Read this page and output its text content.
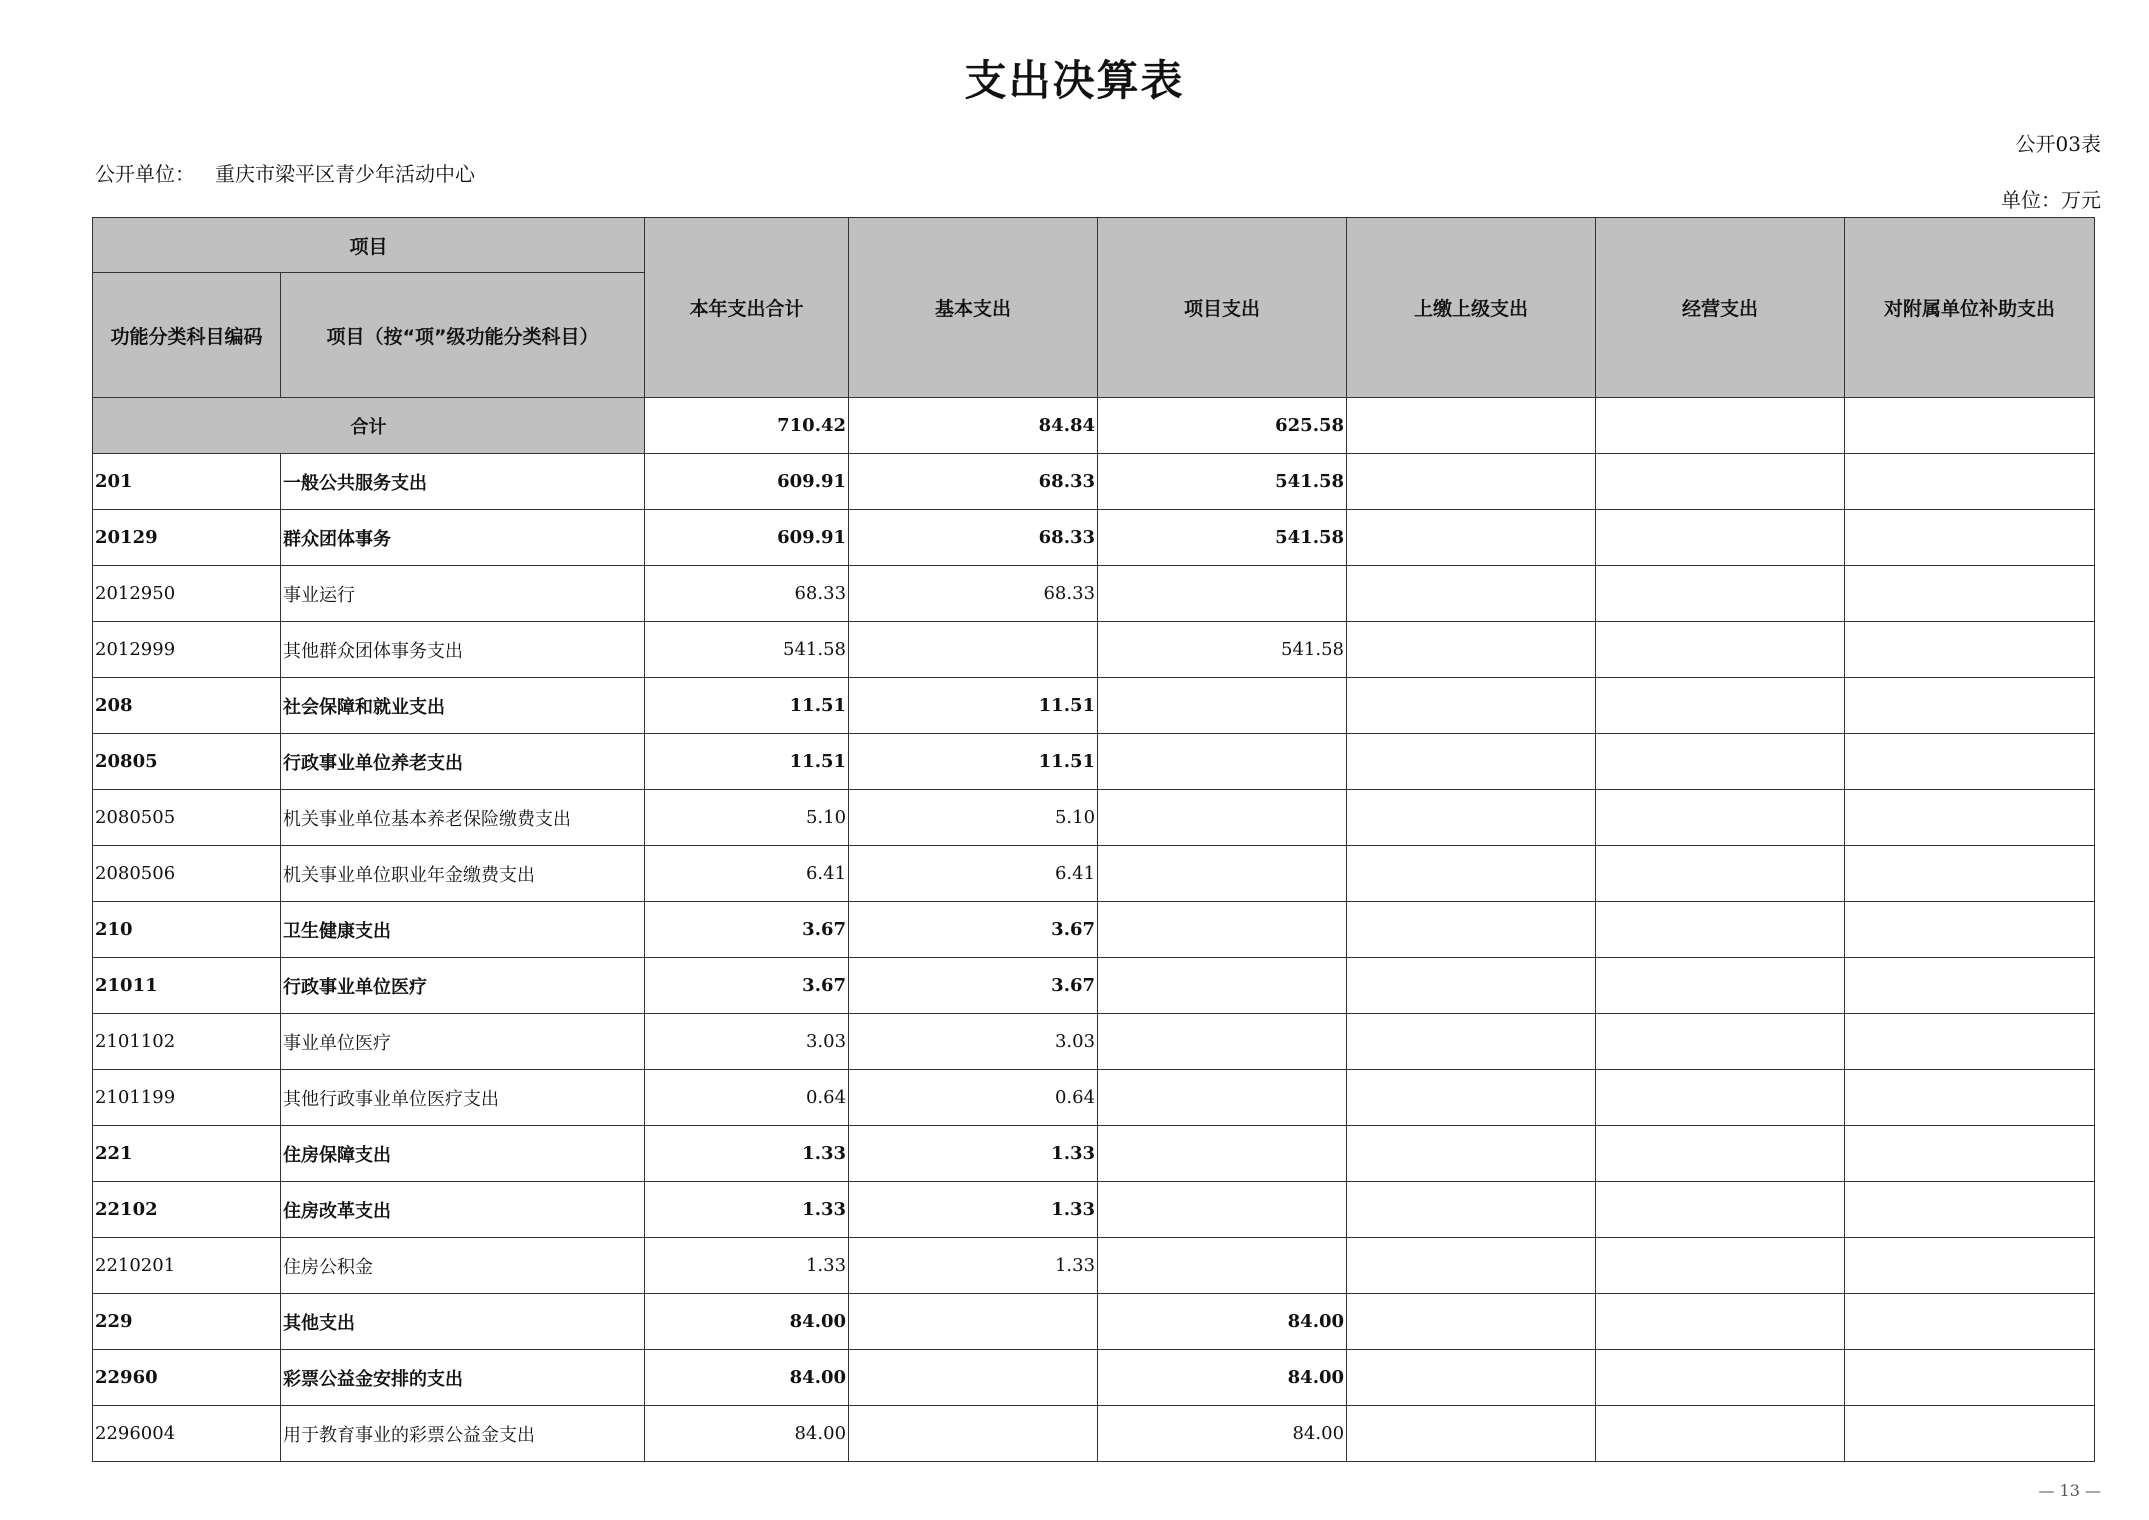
支出决算表
公开03表
公开单位： 重庆市梁平区青少年活动中心
单位：万元
项目		本年支出合计	基本支出	项目支出	上缴上级支出	经营支出	对附属单位补助支出
功能分类科目编码	项目（按“项”级功能分类科目）						
合计		710.42	84.84	625.58			
201	一般公共服务支出	609.91	68.33	541.58			
20129	群众团体事务	609.91	68.33	541.58			
2012950	事业运行	68.33	68.33				
2012999	其他群众团体事务支出	541.58		541.58			
208	社会保障和就业支出	11.51	11.51				
20805	行政事业单位养老支出	11.51	11.51				
2080505	机关事业单位基本养老保险缴费支出	5.10	5.10				
2080506	机关事业单位职业年金缴费支出	6.41	6.41				
210	卫生健康支出	3.67	3.67				
21011	行政事业单位医疗	3.67	3.67				
2101102	事业单位医疗	3.03	3.03				
2101199	其他行政事业单位医疗支出	0.64	0.64				
221	住房保障支出	1.33	1.33				
22102	住房改革支出	1.33	1.33				
2210201	住房公积金	1.33	1.33				
229	其他支出	84.00		84.00			
22960	彩票公益金安排的支出	84.00		84.00			
2296004	用于教育事业的彩票公益金支出	84.00		84.00			
— 13 —
